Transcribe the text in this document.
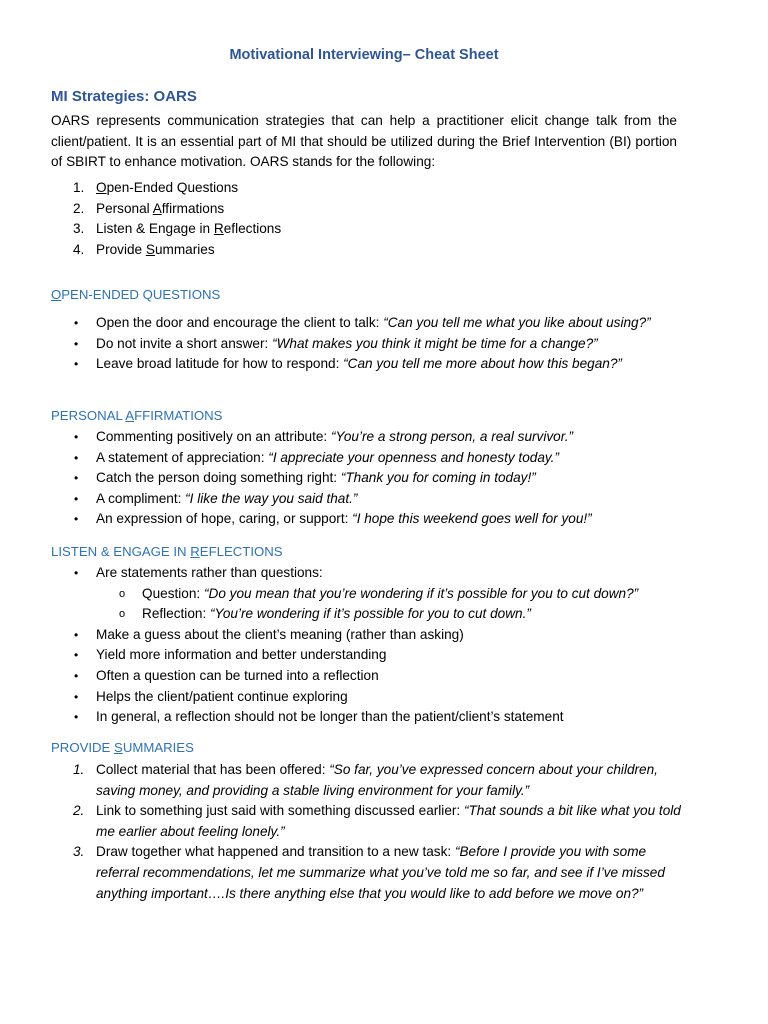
Motivational Interviewing– Cheat Sheet
MI Strategies: OARS

OARS represents communication strategies that can help a practitioner elicit change talk from the client/patient. It is an essential part of MI that should be utilized during the Brief Intervention (BI) portion of SBIRT to enhance motivation. OARS stands for the following:

1. Open-Ended Questions
2. Personal Affirmations
3. Listen & Engage in Reflections
4. Provide Summaries
OPEN-ENDED QUESTIONS
• Open the door and encourage the client to talk: “Can you tell me what you like about using?”
• Do not invite a short answer: “What makes you think it might be time for a change?”
• Leave broad latitude for how to respond: “Can you tell me more about how this began?”
PERSONAL AFFIRMATIONS
• Commenting positively on an attribute: “You’re a strong person, a real survivor.”
• A statement of appreciation: “I appreciate your openness and honesty today.”
• Catch the person doing something right: “Thank you for coming in today!”
• A compliment: “I like the way you said that.”
• An expression of hope, caring, or support: “I hope this weekend goes well for you!”
LISTEN & ENGAGE IN REFLECTIONS
• Are statements rather than questions:
o Question: “Do you mean that you’re wondering if it’s possible for you to cut down?”
o Reflection: “You’re wondering if it’s possible for you to cut down.”
• Make a guess about the client’s meaning (rather than asking)
• Yield more information and better understanding
• Often a question can be turned into a reflection
• Helps the client/patient continue exploring
• In general, a reflection should not be longer than the patient/client’s statement
PROVIDE SUMMARIES
1. Collect material that has been offered: “So far, you’ve expressed concern about your children, saving money, and providing a stable living environment for your family.”
2. Link to something just said with something discussed earlier: “That sounds a bit like what you told me earlier about feeling lonely.”
3. Draw together what happened and transition to a new task: “Before I provide you with some referral recommendations, let me summarize what you’ve told me so far, and see if I’ve missed anything important….Is there anything else that you would like to add before we move on?”
